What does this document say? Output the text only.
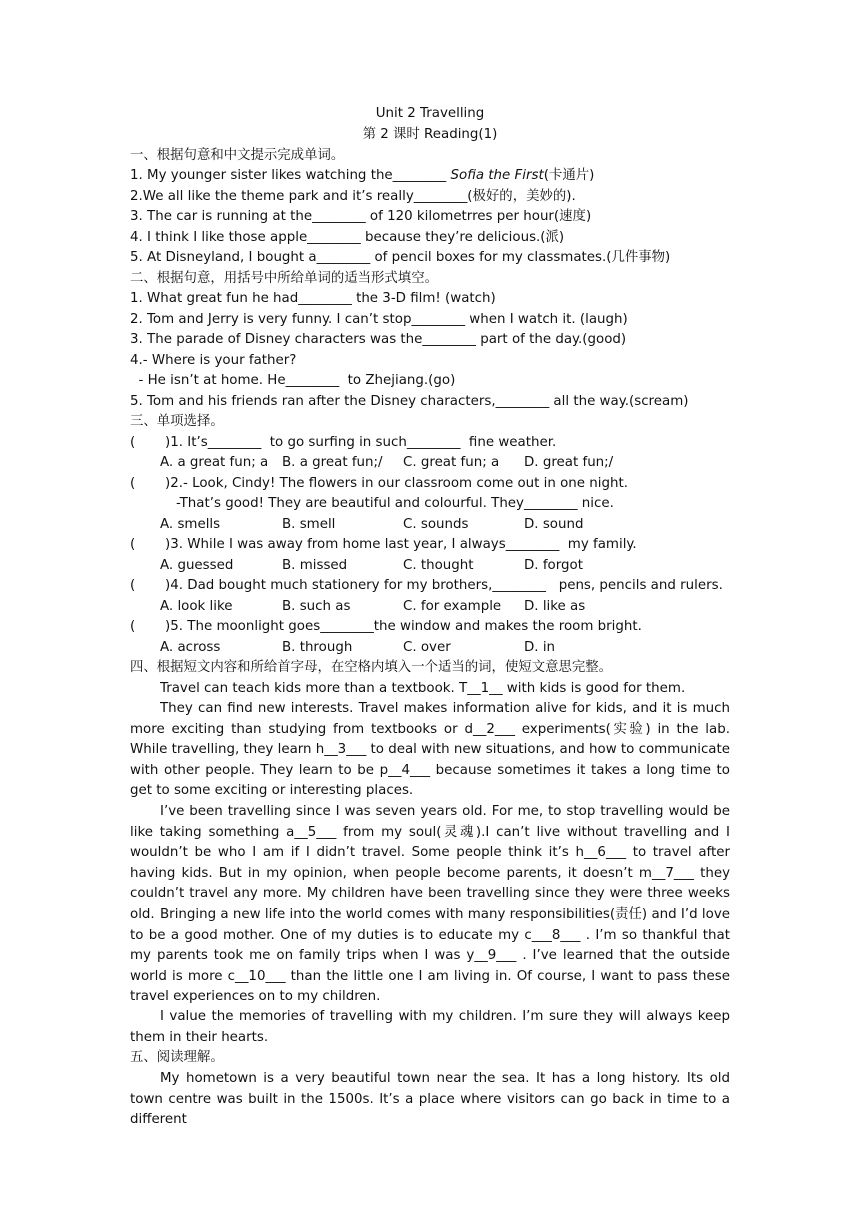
Unit 2 Travelling
第 2 课时 Reading(1)
一、根据句意和中文提示完成单词。
1. My younger sister likes watching the________ Sofia the First(卡通片)
2.We all like the theme park and it’s really________(极好的，美妙的).
3. The car is running at the________ of 120 kilometrres per hour(速度)
4. I think I like those apple________ because they’re delicious.(派)
5. At Disneyland, I bought a________ of pencil boxes for my classmates.(几件事物)
二、根据句意，用括号中所给单词的适当形式填空。
1. What great fun he had________ the 3-D film! (watch)
2. Tom and Jerry is very funny. I can’t stop________ when I watch it. (laugh)
3. The parade of Disney characters was the________ part of the day.(good)
4.- Where is your father?
- He isn’t at home. He________  to Zhejiang.(go)
5. Tom and his friends ran after the Disney characters,________ all the way.(scream)
三、单项选择。
(       )1. It’s________  to go surfing in such________  fine weather.
A. a great fun; a B. a great fun;/ C. great fun; a D. great fun;/
(       )2.- Look, Cindy! The flowers in our classroom come out in one night.
-That’s good! They are beautiful and colourful. They________ nice.
A. smells	B. smell	C. sounds	D. sound
(       )3. While I was away from home last year, I always________  my family.
A. guessed	B. missed	C. thought	D. forgot
(       )4. Dad bought much stationery for my brothers,________   pens, pencils and rulers.
A. look like	B. such as	C. for example D. like as
(       )5. The moonlight goes________the window and makes the room bright.
A. across	B. through	C. over	D. in
四、根据短文内容和所给首字母，在空格内填入一个适当的词，使短文意思完整。
Travel can teach kids more than a textbook. T__1__ with kids is good for them.
They can find new interests. Travel makes information alive for kids, and it is much more exciting than studying from textbooks or d__2___ experiments(实验) in the lab. While travelling, they learn h__3___ to deal with new situations, and how to communicate with other people. They learn to be p__4___ because sometimes it takes a long time to get to some exciting or interesting places.
I’ve been travelling since I was seven years old. For me, to stop travelling would be like taking something a__5___ from my soul(灵魂).I can’t live without travelling and I wouldn’t be who I am if I didn’t travel. Some people think it’s h__6___ to travel after having kids. But in my opinion, when people become parents, it doesn’t m__7___ they couldn’t travel any more. My children have been travelling since they were three weeks old. Bringing a new life into the world comes with many responsibilities(责任) and I’d love to be a good mother. One of my duties is to educate my c___8___ . I’m so thankful that my parents took me on family trips when I was y__9___ . I’ve learned that the outside world is more c__10___ than the little one I am living in. Of course, I want to pass these travel experiences on to my children.
I value the memories of travelling with my children. I’m sure they will always keep them in their hearts.
五、阅读理解。
My hometown is a very beautiful town near the sea. It has a long history. Its old town centre was built in the 1500s. It’s a place where visitors can go back in time to a different
